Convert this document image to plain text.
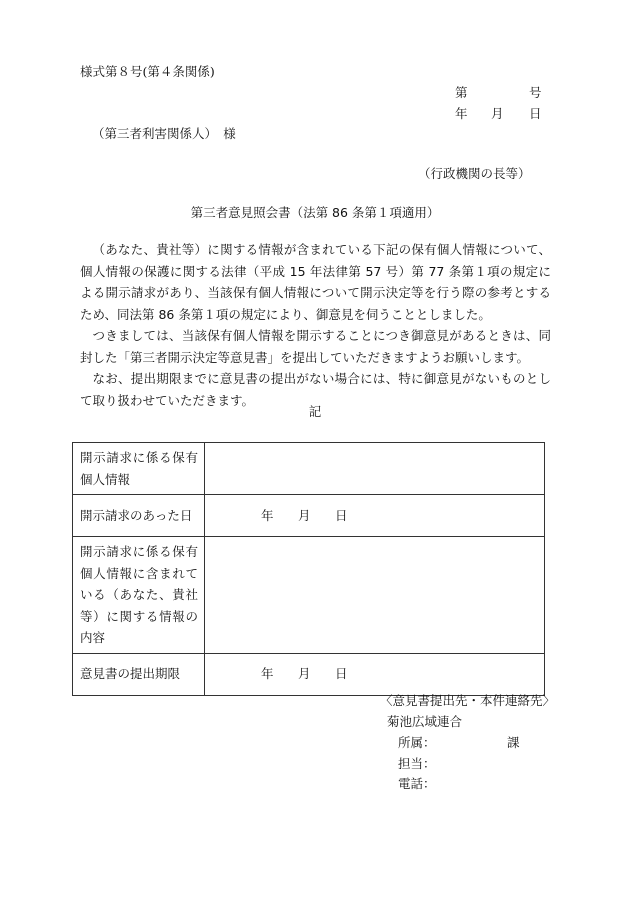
様式第８号(第４条関係)
第	号
年 月 日
（第三者利害関係人）　様
（行政機関の長等）
第三者意見照会書（法第 86 条第１項適用）

（あなた、貴社等）に関する情報が含まれている下記の保有個人情報について、個人情報の保護に関する法律（平成 15 年法律第 57 号）第 77 条第１項の規定による開示請求があり、当該保有個人情報について開示決定等を行う際の参考とするため、同法第 86 条第１項の規定により、御意見を伺うこととしました。

つきましては、当該保有個人情報を開示することにつき御意見があるときは、同封した「第三者開示決定等意見書」を提出していただきますようお願いします。

なお、提出期限までに意見書の提出がない場合には、特に御意見がないものとして取り扱わせていただきます。

記
開示請求に係る保有個人情報	
開示請求のあった日	年 月 日

開示請求に係る保有個人情報に含まれている（あなた、貴社等）に関する情報の内容	
意見書の提出期限	年 月 日
〈意見書提出先・本件連絡先〉
菊池広域連合
所属：	課
担当：
電話：
